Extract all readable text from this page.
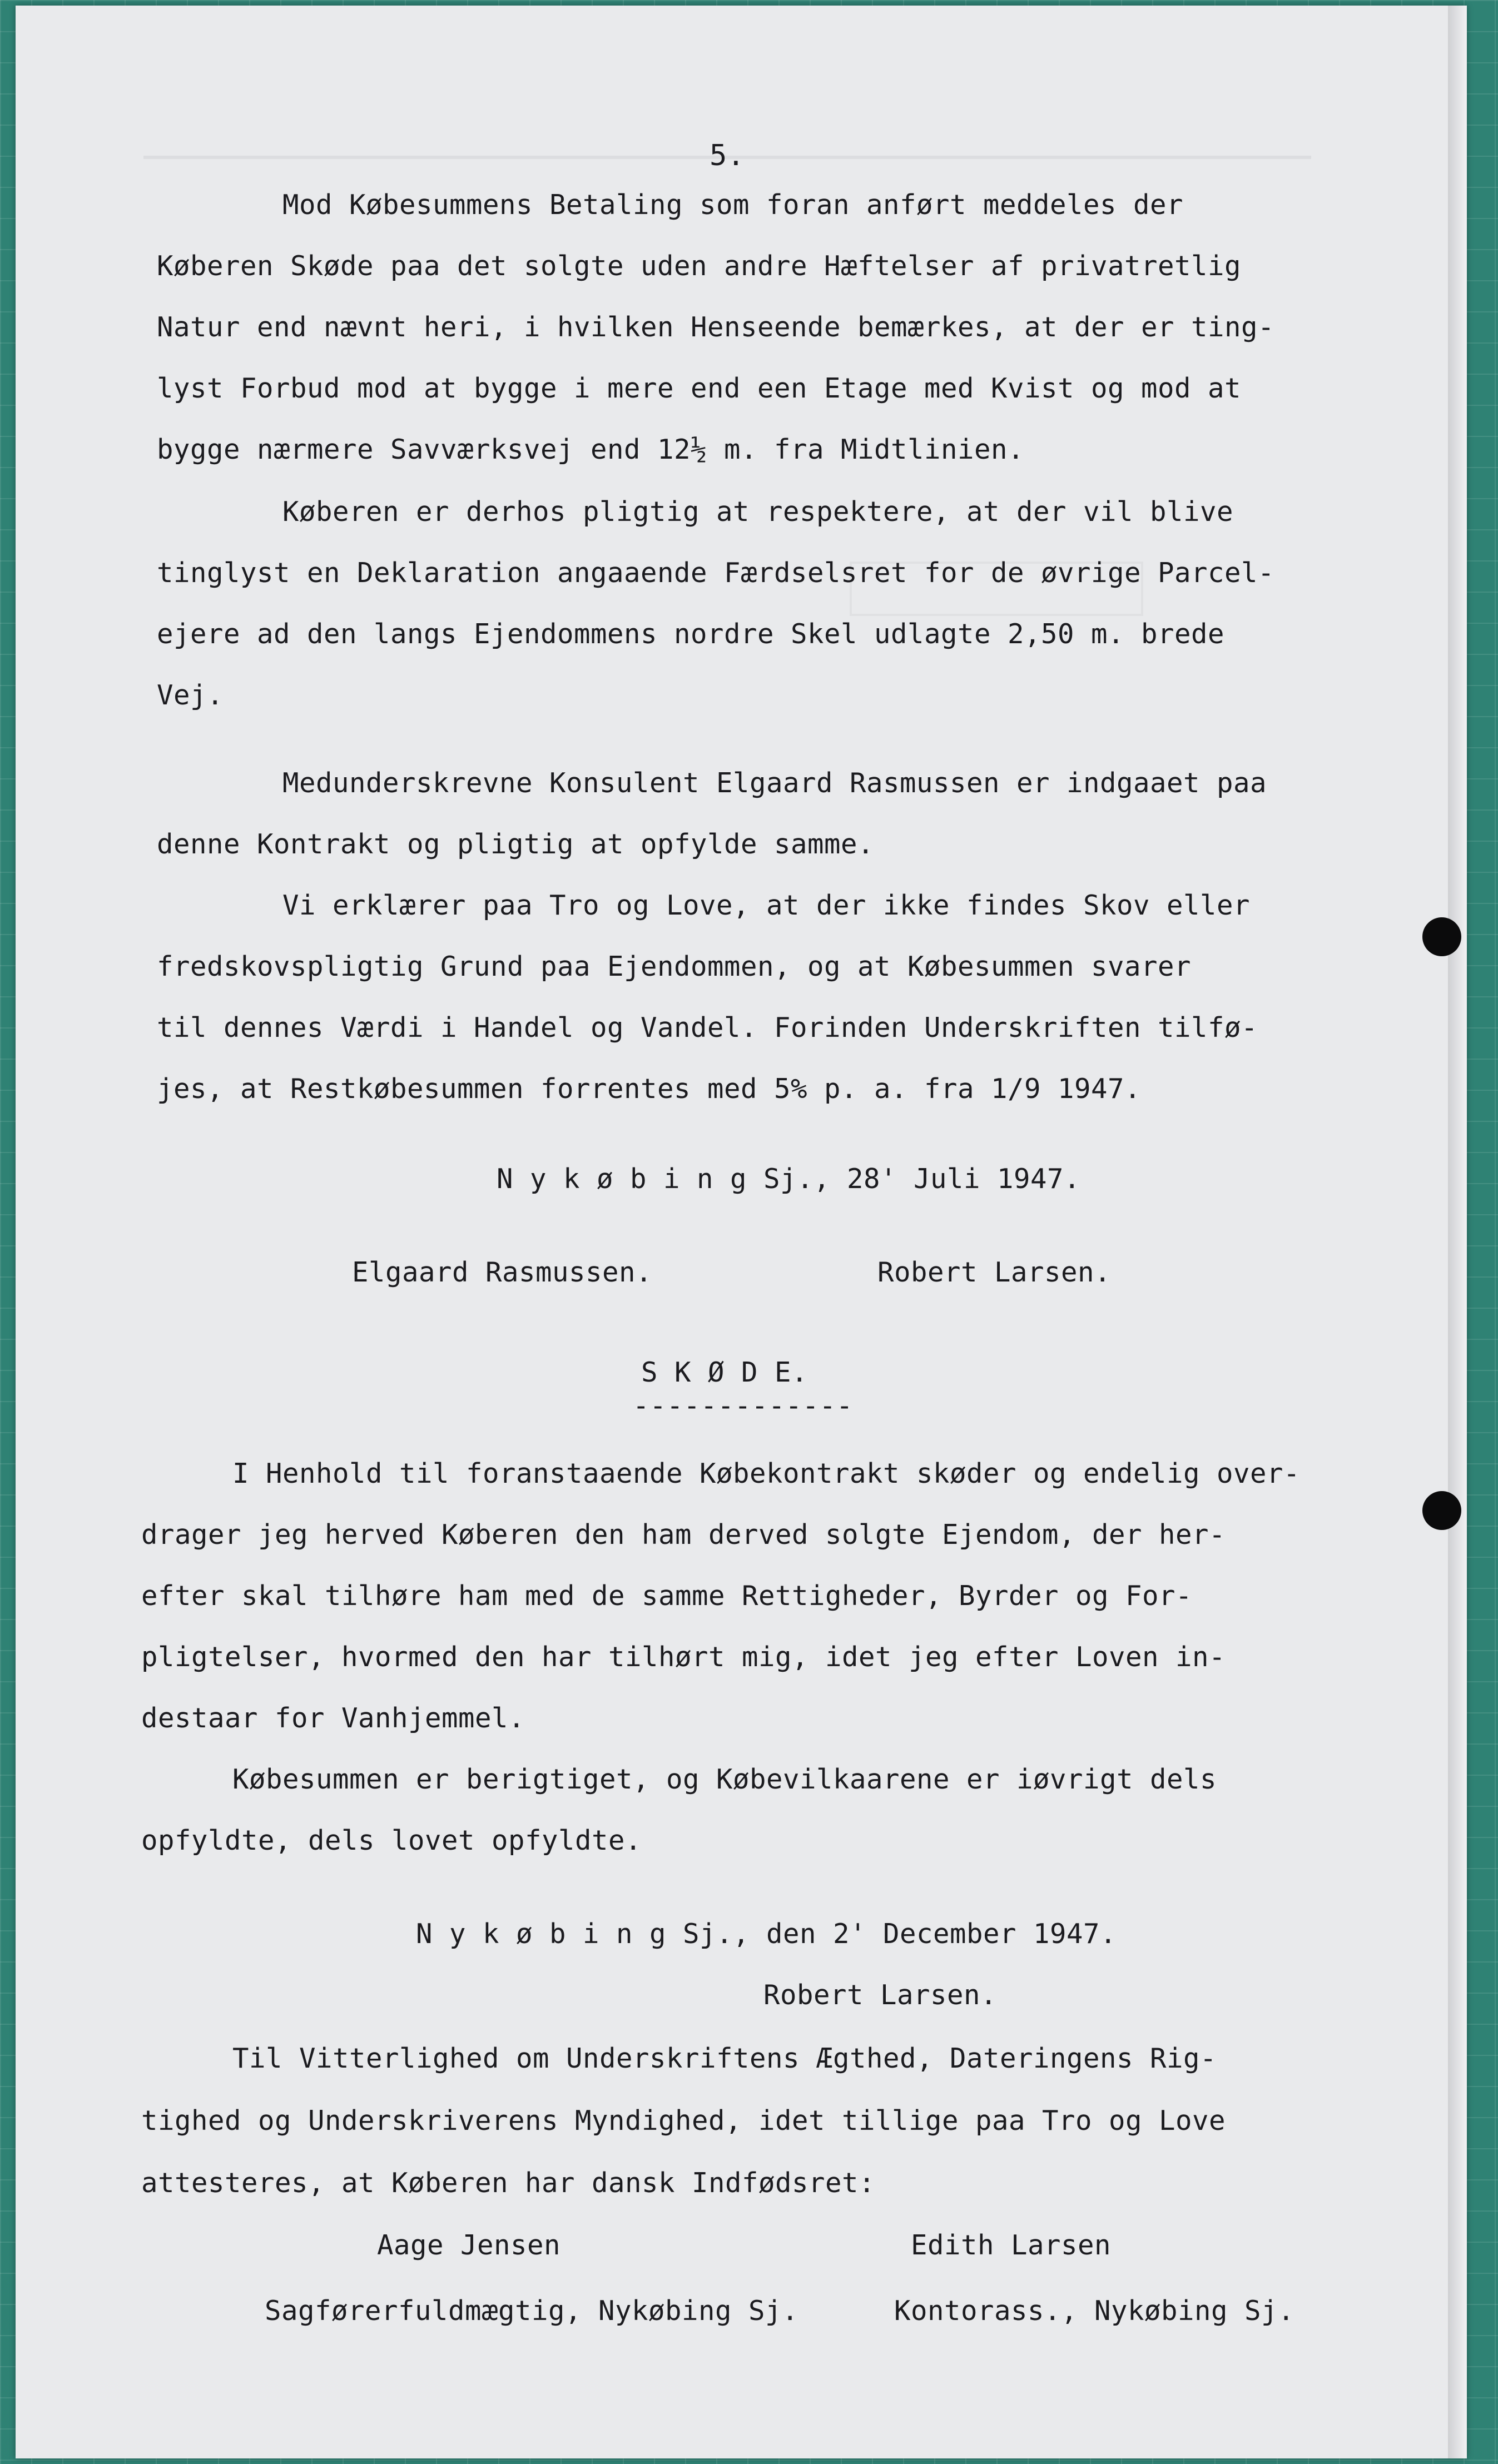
5.
Mod Købesummens Betaling som foran anført meddeles der
Køberen Skøde paa det solgte uden andre Hæftelser af privatretlig
Natur end nævnt heri, i hvilken Henseende bemærkes, at der er ting-
lyst Forbud mod at bygge i mere end een Etage med Kvist og mod at
bygge nærmere Savværksvej end 12½ m. fra Midtlinien.
Køberen er derhos pligtig at respektere, at der vil blive
tinglyst en Deklaration angaaende Færdselsret for de øvrige Parcel-
ejere ad den langs Ejendommens nordre Skel udlagte 2,50 m. brede
Vej.
Medunderskrevne Konsulent Elgaard Rasmussen er indgaaet paa
denne Kontrakt og pligtig at opfylde samme.
Vi erklærer paa Tro og Love, at der ikke findes Skov eller
fredskovspligtig Grund paa Ejendommen, og at Købesummen svarer
til dennes Værdi i Handel og Vandel. Forinden Underskriften tilfø-
jes, at Restkøbesummen forrentes med 5% p. a. fra 1/9 1947.
N y k ø b i n g Sj., 28' Juli 1947.
Elgaard Rasmussen.	Robert Larsen.
S K Ø D E.
-------------
I Henhold til foranstaaende Købekontrakt skøder og endelig over-
drager jeg herved Køberen den ham derved solgte Ejendom, der her-
efter skal tilhøre ham med de samme Rettigheder, Byrder og For-
pligtelser, hvormed den har tilhørt mig, idet jeg efter Loven in-
destaar for Vanhjemmel.
Købesummen er berigtiget, og Købevilkaarene er iøvrigt dels
opfyldte, dels lovet opfyldte.
N y k ø b i n g Sj., den 2' December 1947.
Robert Larsen.
Til Vitterlighed om Underskriftens Ægthed, Dateringens Rig-
tighed og Underskriverens Myndighed, idet tillige paa Tro og Love
attesteres, at Køberen har dansk Indfødsret:
Aage Jensen	Edith Larsen
Sagførerfuldmægtig, Nykøbing Sj.	Kontorass., Nykøbing Sj.
